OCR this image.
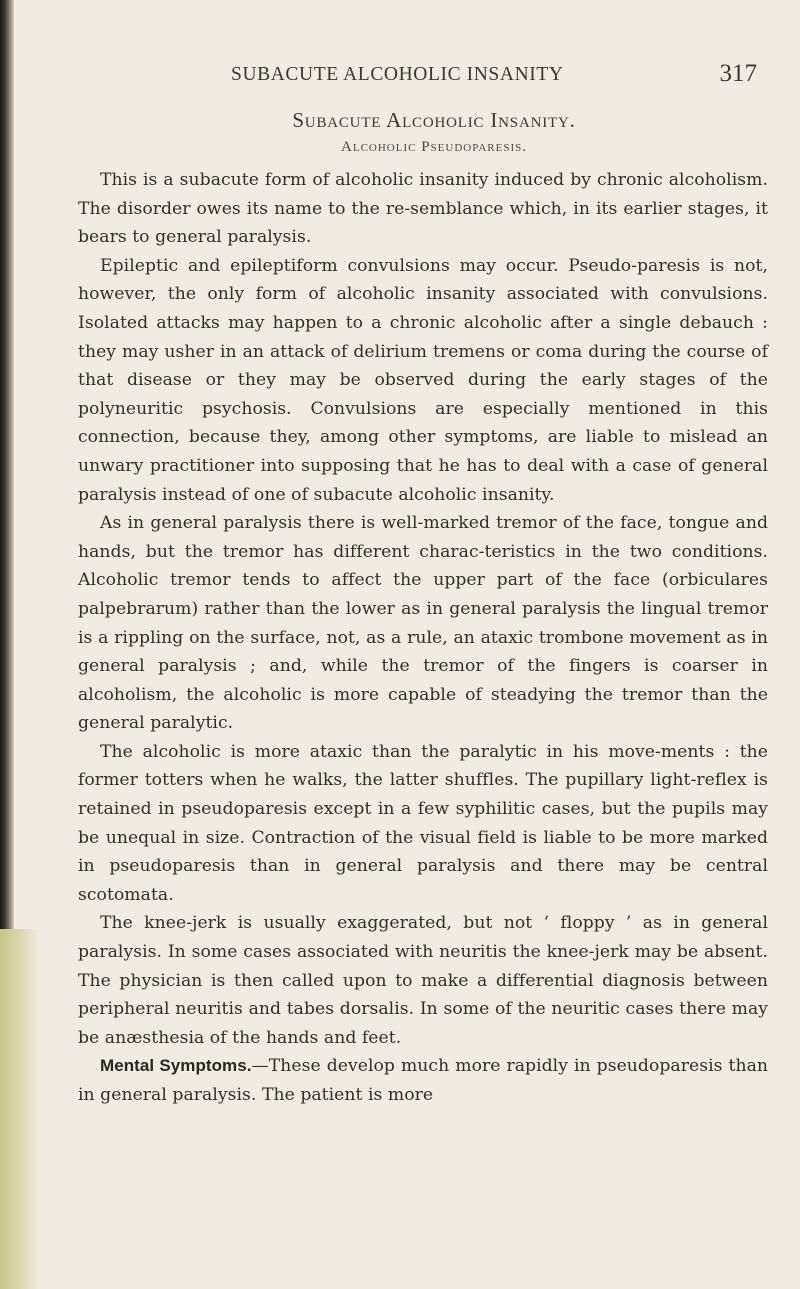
SUBACUTE ALCOHOLIC INSANITY	317
Subacute Alcoholic Insanity.
Alcoholic Pseudoparesis.

This is a subacute form of alcoholic insanity induced by chronic alcoholism. The disorder owes its name to the re-semblance which, in its earlier stages, it bears to general paralysis.

Epileptic and epileptiform convulsions may occur. Pseudo-paresis is not, however, the only form of alcoholic insanity associated with convulsions. Isolated attacks may happen to a chronic alcoholic after a single debauch : they may usher in an attack of delirium tremens or coma during the course of that disease or they may be observed during the early stages of the polyneuritic psychosis. Convulsions are especially mentioned in this connection, because they, among other symptoms, are liable to mislead an unwary practitioner into supposing that he has to deal with a case of general paralysis instead of one of subacute alcoholic insanity.

As in general paralysis there is well-marked tremor of the face, tongue and hands, but the tremor has different charac-teristics in the two conditions. Alcoholic tremor tends to affect the upper part of the face (orbiculares palpebrarum) rather than the lower as in general paralysis the lingual tremor is a rippling on the surface, not, as a rule, an ataxic trombone movement as in general paralysis ; and, while the tremor of the fingers is coarser in alcoholism, the alcoholic is more capable of steadying the tremor than the general paralytic.

The alcoholic is more ataxic than the paralytic in his move-ments : the former totters when he walks, the latter shuffles. The pupillary light-reflex is retained in pseudoparesis except in a few syphilitic cases, but the pupils may be unequal in size. Contraction of the visual field is liable to be more marked in pseudoparesis than in general paralysis and there may be central scotomata.

The knee-jerk is usually exaggerated, but not ‘ floppy ’ as in general paralysis. In some cases associated with neuritis the knee-jerk may be absent. The physician is then called upon to make a differential diagnosis between peripheral neuritis and tabes dorsalis. In some of the neuritic cases there may be anæsthesia of the hands and feet.

Mental Symptoms.—These develop much more rapidly in pseudoparesis than in general paralysis. The patient is more
